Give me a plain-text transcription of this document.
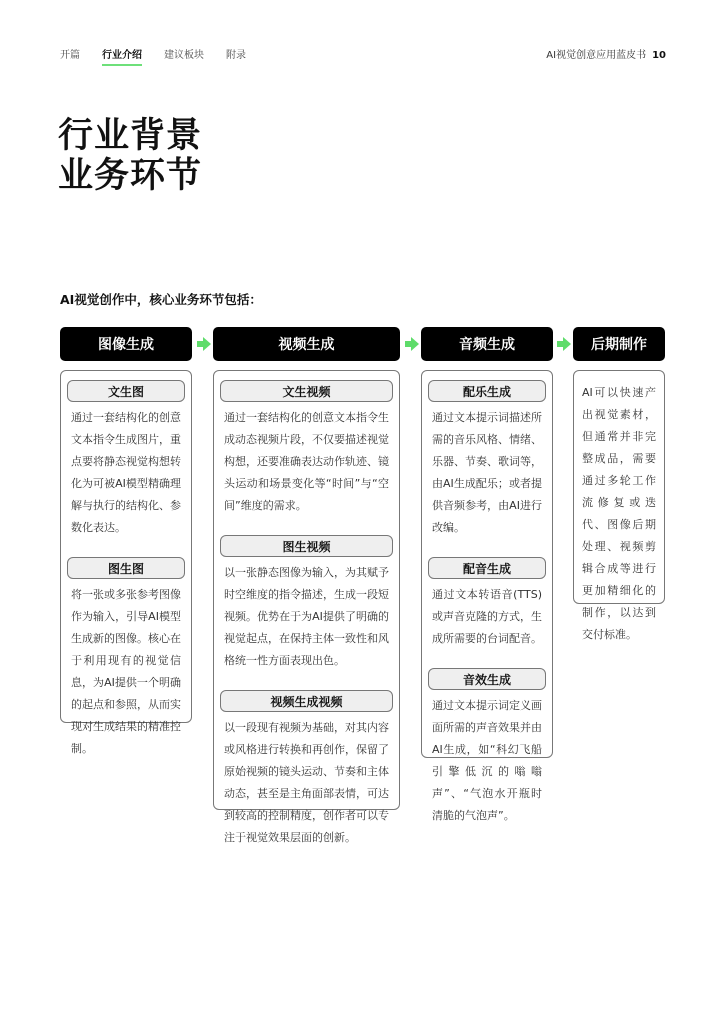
开篇 行业介绍 建议板块 附录	AI视觉创意应用蓝皮书 10
行业背景
业务环节
AI视觉创作中，核心业务环节包括：
图像生成	视频生成	音频生成	后期制作
文生图
通过一套结构化的创意文本指令生成图片，重点要将静态视觉构想转化为可被AI模型精确理解与执行的结构化、参数化表达。
图生图
将一张或多张参考图像作为输入，引导AI模型生成新的图像。核心在于利用现有的视觉信息，为AI提供一个明确的起点和参照，从而实现对生成结果的精准控制。
文生视频
通过一套结构化的创意文本指令生成动态视频片段，不仅要描述视觉构想，还要准确表达动作轨迹、镜头运动和场景变化等“时间”与“空间”维度的需求。
图生视频
以一张静态图像为输入，为其赋予时空维度的指令描述，生成一段短视频。优势在于为AI提供了明确的视觉起点，在保持主体一致性和风格统一性方面表现出色。
视频生成视频
以一段现有视频为基础，对其内容或风格进行转换和再创作，保留了原始视频的镜头运动、节奏和主体动态，甚至是主角面部表情，可达到较高的控制精度，创作者可以专注于视觉效果层面的创新。
配乐生成
通过文本提示词描述所需的音乐风格、情绪、乐器、节奏、歌词等，由AI生成配乐；或者提供音频参考，由AI进行改编。
配音生成
通过文本转语音(TTS)或声音克隆的方式，生成所需要的台词配音。
音效生成
通过文本提示词定义画面所需的声音效果并由AI生成，如“科幻飞船引擎低沉的嗡嗡声”、“气泡水开瓶时清脆的气泡声”。
AI可以快速产出视觉素材，但通常并非完整成品，需要通过多轮工作流修复或迭代、图像后期处理、视频剪辑合成等进行更加精细化的制作，以达到交付标准。
